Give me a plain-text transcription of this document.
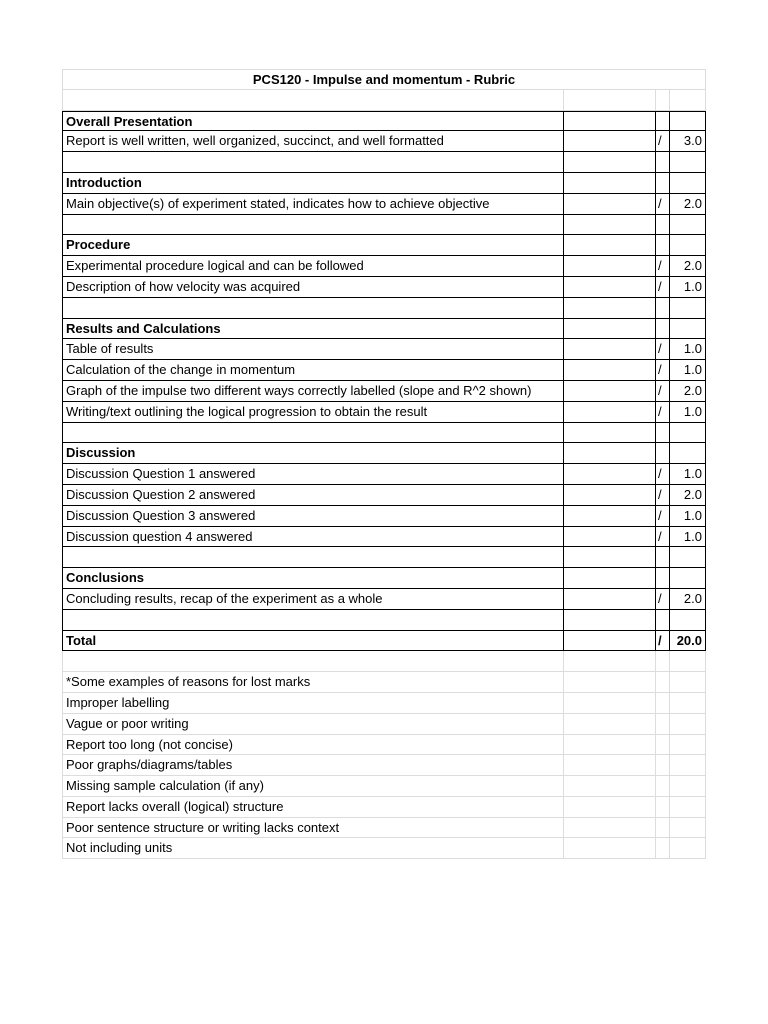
PCS120 - Impulse and momentum - Rubric
Overall Presentation
Report is well written, well organized, succinct, and well formatted	/	3.0
Introduction
Main objective(s) of experiment stated, indicates how to achieve objective	/	2.0
Procedure
Experimental procedure logical and can be followed	/	2.0
Description of how velocity was acquired	/	1.0
Results and Calculations
Table of results	/	1.0
Calculation of the change in momentum	/	1.0
Graph of the impulse two different ways correctly labelled (slope and R^2 shown)	/	2.0
Writing/text outlining the logical progression to obtain the result	/	1.0
Discussion
Discussion Question 1 answered	/	1.0
Discussion Question 2 answered	/	2.0
Discussion Question 3 answered	/	1.0
Discussion question 4 answered	/	1.0
Conclusions
Concluding results, recap of the experiment as a whole	/	2.0
Total	/	20.0
*Some examples of reasons for lost marks
Improper labelling
Vague or poor writing
Report too long (not concise)
Poor graphs/diagrams/tables
Missing sample calculation (if any)
Report lacks overall (logical) structure
Poor sentence structure or writing lacks context
Not including units
